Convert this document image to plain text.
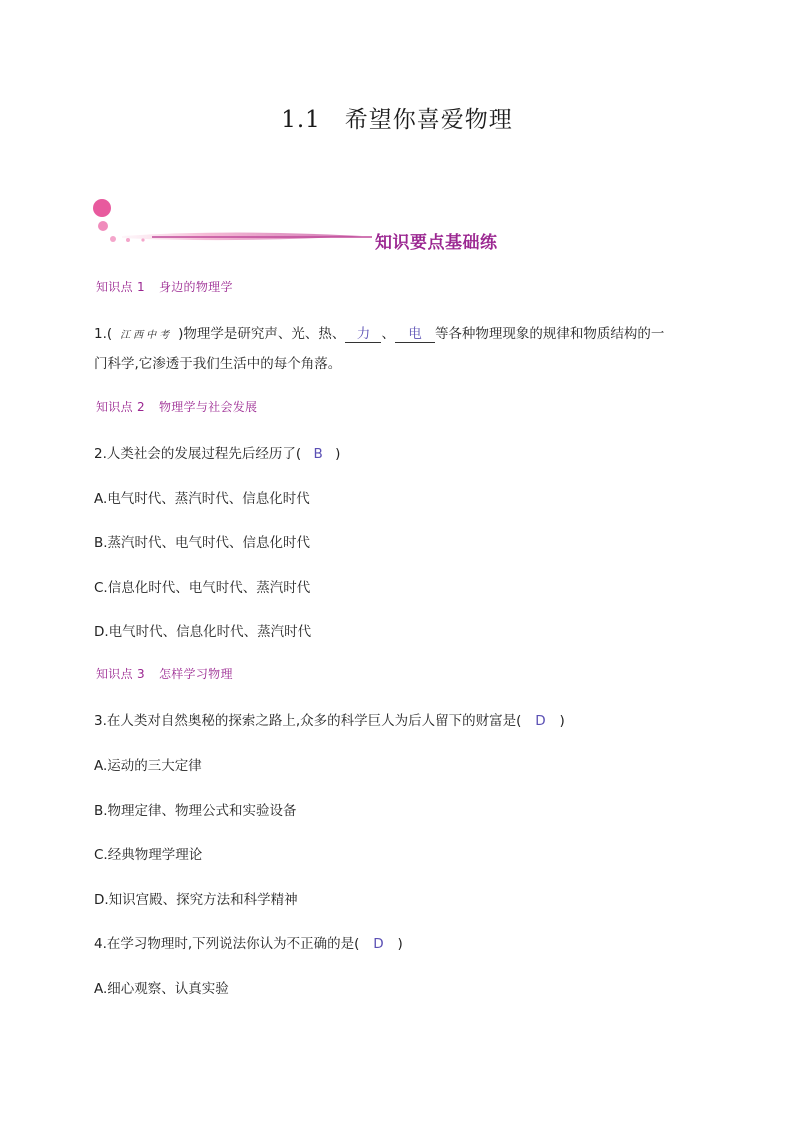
1.1 希望你喜爱物理
知识要点基础练
知识点 1 身边的物理学
1.( 江西中考 )物理学是研究声、光、热、 力 、 电 等各种物理现象的规律和物质结构的一
门科学,它渗透于我们生活中的每个角落。
知识点 2 物理学与社会发展
2.人类社会的发展过程先后经历了( B )
A.电气时代、蒸汽时代、信息化时代
B.蒸汽时代、电气时代、信息化时代
C.信息化时代、电气时代、蒸汽时代
D.电气时代、信息化时代、蒸汽时代
知识点 3 怎样学习物理
3.在人类对自然奥秘的探索之路上,众多的科学巨人为后人留下的财富是( D )
A.运动的三大定律
B.物理定律、物理公式和实验设备
C.经典物理学理论
D.知识宫殿、探究方法和科学精神
4.在学习物理时,下列说法你认为不正确的是( D )
A.细心观察、认真实验
